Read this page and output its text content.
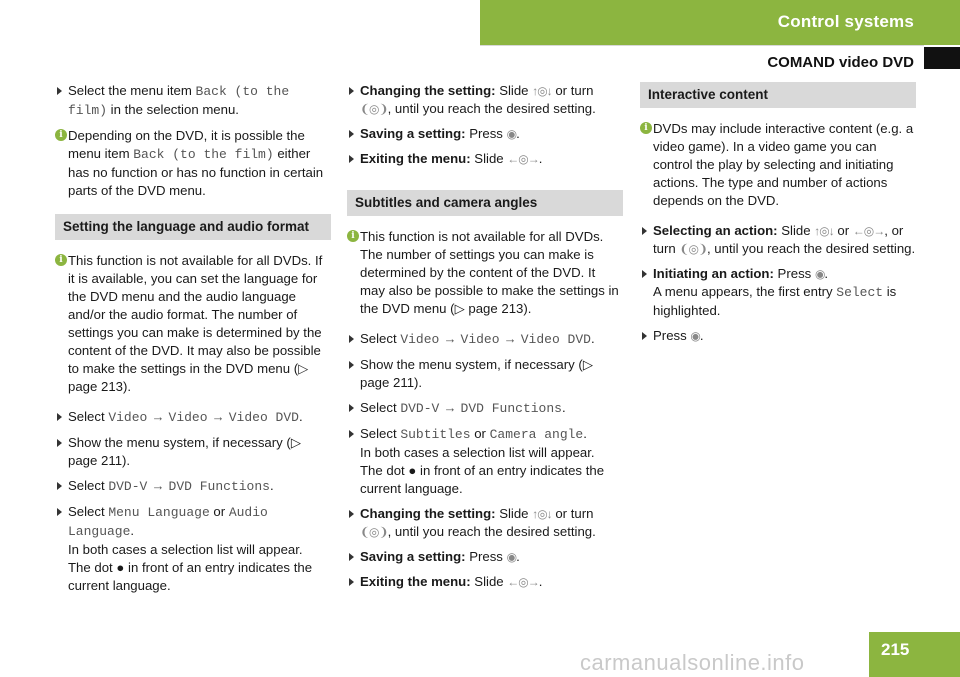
Control systems
COMAND video DVD
Select the menu item Back (to the film) in the selection menu.
i Depending on the DVD, it is possible the menu item Back (to the film) either has no function or has no function in certain parts of the DVD menu.
Setting the language and audio format
i This function is not available for all DVDs. If it is available, you can set the language for the DVD menu and the audio language and/or the audio format. The number of settings you can make is determined by the content of the DVD. It may also be possible to make the settings in the DVD menu (▷ page 213).
Select Video → Video → Video DVD.
Show the menu system, if necessary (▷ page 211).
Select DVD-V → DVD Functions.
Select Menu Language or Audio Language.
In both cases a selection list will appear.
The dot ● in front of an entry indicates the current language.
Changing the setting: Slide ↑◎↓ or turn ❨◎❩, until you reach the desired setting.
Saving a setting: Press ◉.
Exiting the menu: Slide ←◎→.
Subtitles and camera angles
i This function is not available for all DVDs. The number of settings you can make is determined by the content of the DVD. It may also be possible to make the settings in the DVD menu (▷ page 213).
Select Video → Video → Video DVD.
Show the menu system, if necessary (▷ page 211).
Select DVD-V → DVD Functions.
Select Subtitles or Camera angle.
In both cases a selection list will appear.
The dot ● in front of an entry indicates the current language.
Changing the setting: Slide ↑◎↓ or turn ❨◎❩, until you reach the desired setting.
Saving a setting: Press ◉.
Exiting the menu: Slide ←◎→.
Interactive content
i DVDs may include interactive content (e.g. a video game). In a video game you can control the play by selecting and initiating actions. The type and number of actions depends on the DVD.
Selecting an action: Slide ↑◎↓ or ←◎→, or turn ❨◎❩, until you reach the desired setting.
Initiating an action: Press ◉.
A menu appears, the first entry Select is highlighted.
Press ◉.
carmanualsonline.info
215
